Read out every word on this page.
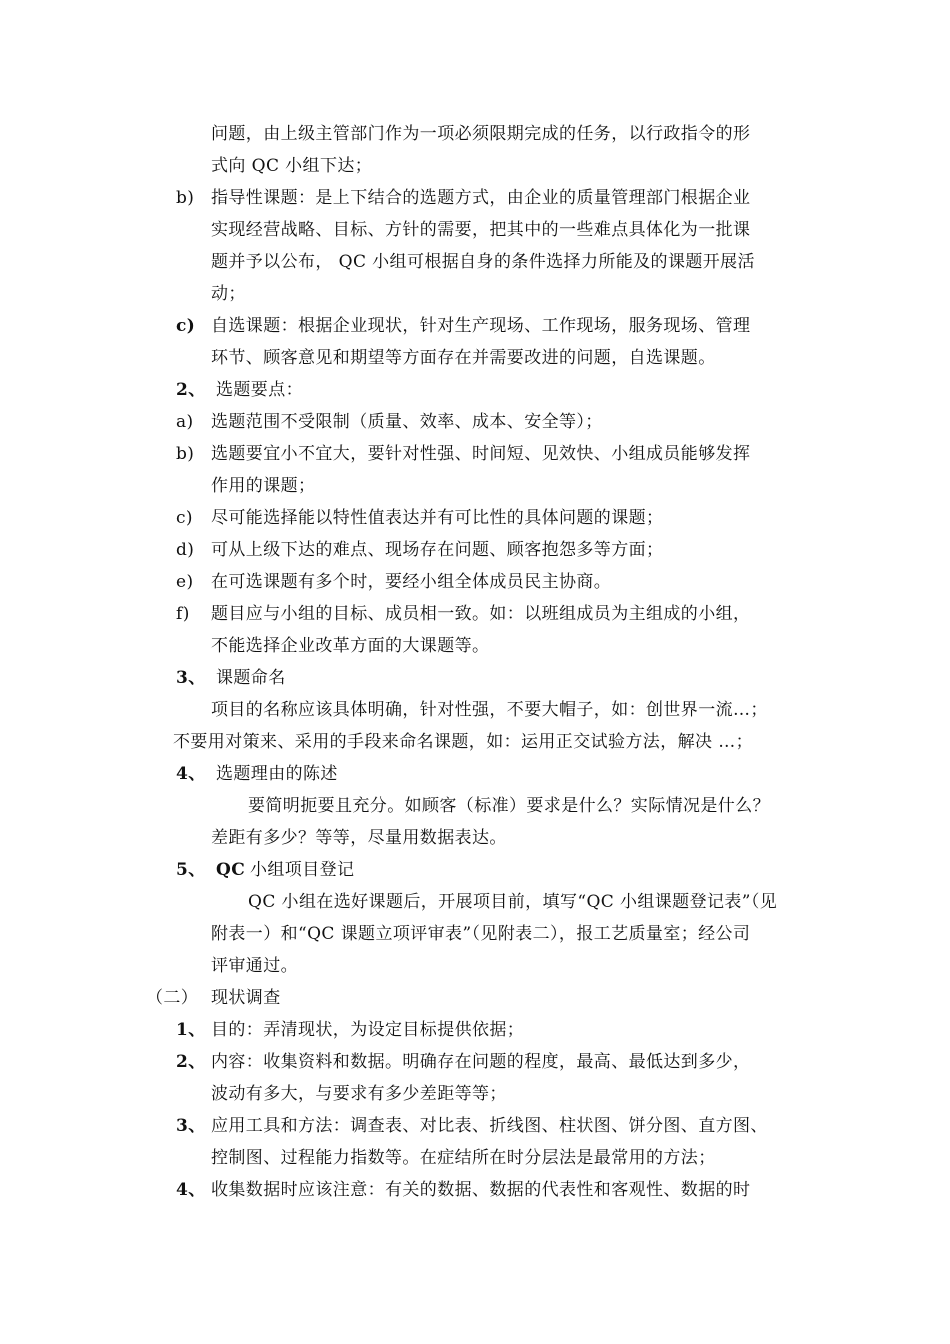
问题，由上级主管部门作为一项必须限期完成的任务，以行政指令的形
式向 QC 小组下达；
b) 指导性课题：是上下结合的选题方式，由企业的质量管理部门根据企业
实现经营战略、目标、方针的需要，把其中的一些难点具体化为一批课
题并予以公布， QC 小组可根据自身的条件选择力所能及的课题开展活
动；
c) 自选课题：根据企业现状，针对生产现场、工作现场，服务现场、管理
环节、顾客意见和期望等方面存在并需要改进的问题，自选课题。
2、 选题要点：
a) 选题范围不受限制（质量、效率、成本、安全等）；
b) 选题要宜小不宜大，要针对性强、时间短、见效快、小组成员能够发挥
作用的课题；
c) 尽可能选择能以特性值表达并有可比性的具体问题的课题；
d) 可从上级下达的难点、现场存在问题、顾客抱怨多等方面；
e) 在可选课题有多个时，要经小组全体成员民主协商。
f) 题目应与小组的目标、成员相一致。如：以班组成员为主组成的小组，
不能选择企业改革方面的大课题等。
3、 课题命名
项目的名称应该具体明确，针对性强，不要大帽子，如：创世界一流…；
不要用对策来、采用的手段来命名课题，如：运用正交试验方法，解决 …；
4、 选题理由的陈述
要简明扼要且充分。如顾客（标准）要求是什么？实际情况是什么？
差距有多少？等等，尽量用数据表达。
5、 QC 小组项目登记
QC 小组在选好课题后，开展项目前，填写“QC 小组课题登记表”（见
附表一）和“QC 课题立项评审表”（见附表二），报工艺质量室；经公司
评审通过。
（二） 现状调查
1、 目的：弄清现状，为设定目标提供依据；
2、 内容：收集资料和数据。明确存在问题的程度，最高、最低达到多少，
波动有多大，与要求有多少差距等等；
3、 应用工具和方法：调查表、对比表、折线图、柱状图、饼分图、直方图、
控制图、过程能力指数等。在症结所在时分层法是最常用的方法；
4、 收集数据时应该注意：有关的数据、数据的代表性和客观性、数据的时
